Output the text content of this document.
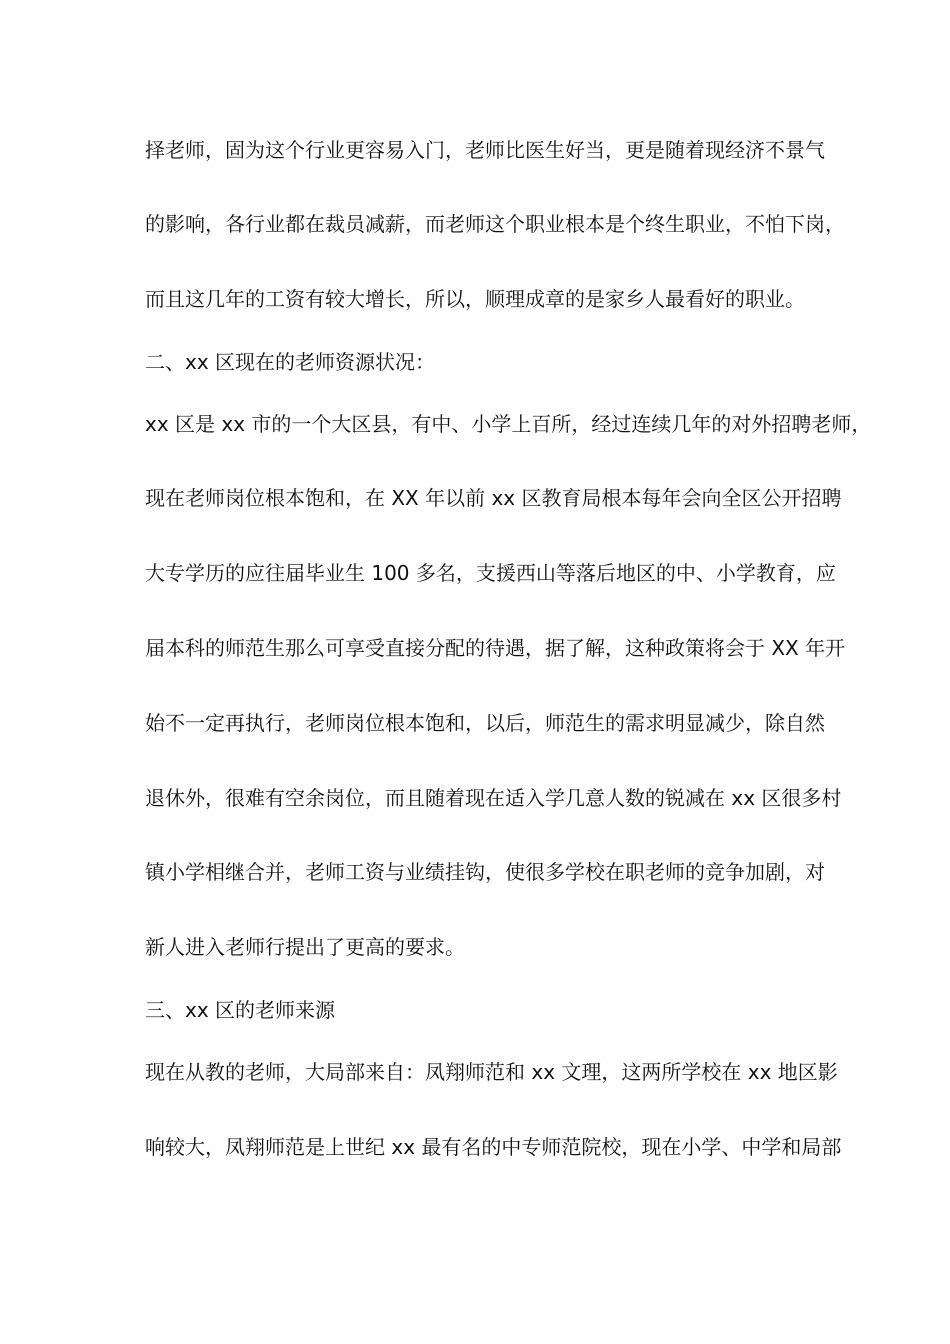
择老师，固为这个行业更容易入门，老师比医生好当，更是随着现经济不景气

的影响，各行业都在裁员减薪，而老师这个职业根本是个终生职业，不怕下岗，

而且这几年的工资有较大增长，所以，顺理成章的是家乡人最看好的职业。

二、xx 区现在的老师资源状况：

xx 区是 xx 市的一个大区县，有中、小学上百所，经过连续几年的对外招聘老师，

现在老师岗位根本饱和，在 XX 年以前 xx 区教育局根本每年会向全区公开招聘

大专学历的应往届毕业生 100 多名，支援西山等落后地区的中、小学教育，应

届本科的师范生那么可享受直接分配的待遇，据了解，这种政策将会于 XX 年开

始不一定再执行，老师岗位根本饱和，以后，师范生的需求明显减少，除自然

退休外，很难有空余岗位，而且随着现在适入学几意人数的锐减在 xx 区很多村

镇小学相继合并，老师工资与业绩挂钩，使很多学校在职老师的竞争加剧，对

新人进入老师行提出了更高的要求。

三、xx 区的老师来源

现在从教的老师，大局部来自：凤翔师范和 xx 文理，这两所学校在 xx 地区影

响较大，凤翔师范是上世纪 xx 最有名的中专师范院校，现在小学、中学和局部
